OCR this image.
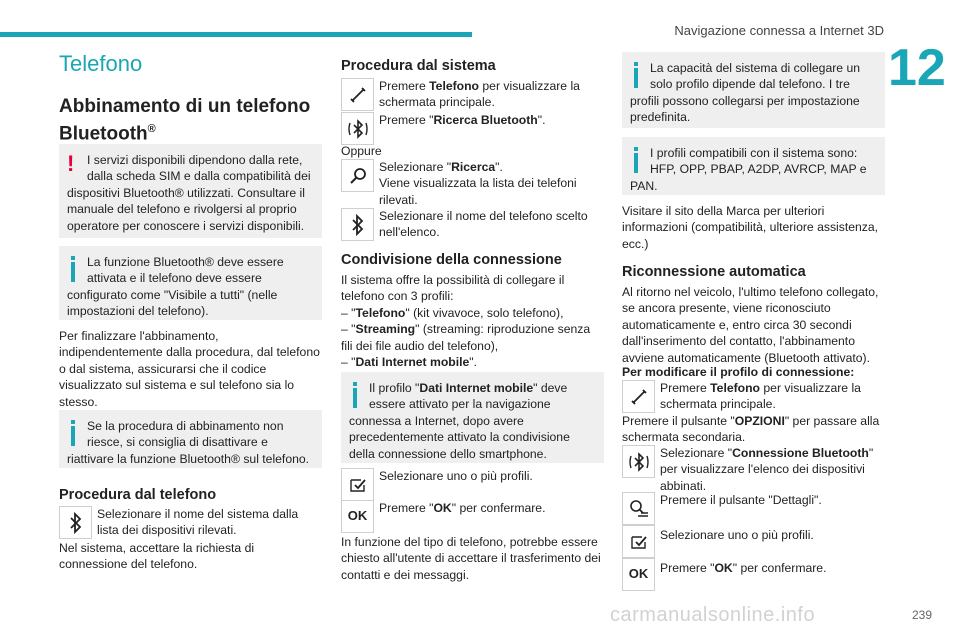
Navigazione connessa a Internet 3D
12
Telefono
Abbinamento di un telefono Bluetooth®
!	I servizi disponibili dipendono dalla rete, dalla scheda SIM e dalla compatibilità dei dispositivi Bluetooth® utilizzati. Consultare il manuale del telefono e rivolgersi al proprio operatore per conoscere i servizi disponibili.

La funzione Bluetooth® deve essere attivata e il telefono deve essere configurato come "Visibile a tutti" (nelle impostazioni del telefono).

Per finalizzare l'abbinamento, indipendentemente dalla procedura, dal telefono o dal sistema, assicurarsi che il codice visualizzato sul sistema e sul telefono sia lo stesso.

Se la procedura di abbinamento non riesce, si consiglia di disattivare e riattivare la funzione Bluetooth® sul telefono.

Procedura dal telefono
Selezionare il nome del sistema dalla lista dei dispositivi rilevati.
Nel sistema, accettare la richiesta di connessione del telefono.
Procedura dal sistema
Premere Telefono per visualizzare la schermata principale.
Premere "Ricerca Bluetooth".
Oppure
Selezionare "Ricerca".
Viene visualizzata la lista dei telefoni rilevati.
Selezionare il nome del telefono scelto nell'elenco.
Condivisione della connessione
Il sistema offre la possibilità di collegare il telefono con 3 profili:
– "Telefono" (kit vivavoce, solo telefono),
– "Streaming" (streaming: riproduzione senza fili dei file audio del telefono),
– "Dati Internet mobile".

Il profilo "Dati Internet mobile" deve essere attivato per la navigazione connessa a Internet, dopo avere precedentemente attivato la condivisione della connessione dello smartphone.

Selezionare uno o più profili.
OK
Premere "OK" per confermare.
In funzione del tipo di telefono, potrebbe essere chiesto all'utente di accettare il trasferimento dei contatti e dei messaggi.

La capacità del sistema di collegare un solo profilo dipende dal telefono. I tre profili possono collegarsi per impostazione predefinita.

I profili compatibili con il sistema sono: HFP, OPP, PBAP, A2DP, AVRCP, MAP e PAN.

Visitare il sito della Marca per ulteriori informazioni (compatibilità, ulteriore assistenza, ecc.)
Riconnessione automatica
Al ritorno nel veicolo, l'ultimo telefono collegato, se ancora presente, viene riconosciuto automaticamente e, entro circa 30 secondi dall'inserimento del contatto, l'abbinamento avviene automaticamente (Bluetooth attivato).
Per modificare il profilo di connessione:
Premere Telefono per visualizzare la schermata principale.
Premere il pulsante "OPZIONI" per passare alla schermata secondaria.
Selezionare "Connessione Bluetooth" per visualizzare l'elenco dei dispositivi abbinati.
Premere il pulsante "Dettagli".
Selezionare uno o più profili.
OK Premere "OK" per confermare.
carmanualsonline.info	239
